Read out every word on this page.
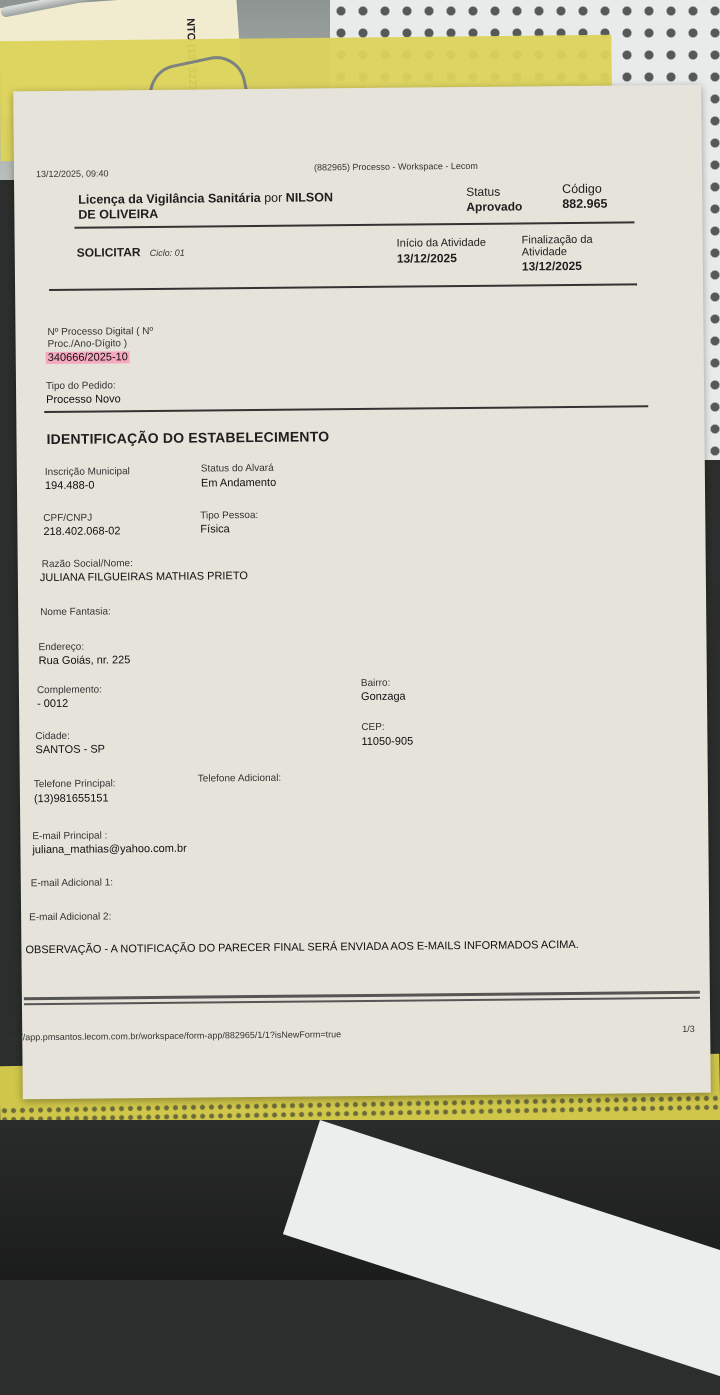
13/12/2025, 09:40
(882965) Processo - Workspace - Lecom
Licença da Vigilância Sanitária por NILSON
DE OLIVEIRA
Status
Aprovado
Código
882.965
SOLICITAR Ciclo: 01
Início da Atividade
13/12/2025
Finalização da
Atividade
13/12/2025
Nº Processo Digital ( Nº
Proc./Ano-Dígito )
340666/2025-10
Tipo do Pedido:
Processo Novo
IDENTIFICAÇÃO DO ESTABELECIMENTO
Inscrição Municipal
194.488-0
Status do Alvará
Em Andamento
CPF/CNPJ
218.402.068-02
Tipo Pessoa:
Física
Razão Social/Nome:
JULIANA FILGUEIRAS MATHIAS PRIETO
Nome Fantasia:
Endereço:
Rua Goiás, nr. 225
Complemento:
- 0012
Bairro:
Gonzaga
Cidade:
SANTOS - SP
CEP:
11050-905
Telefone Principal:
(13)981655151
Telefone Adicional:
E-mail Principal :
juliana_mathias@yahoo.com.br
E-mail Adicional 1:
E-mail Adicional 2:
OBSERVAÇÃO - A NOTIFICAÇÃO DO PARECER FINAL SERÁ ENVIADA AOS E-MAILS INFORMADOS ACIMA.
os://app.pmsantos.lecom.com.br/workspace/form-app/882965/1/1?isNewForm=true
1/3
